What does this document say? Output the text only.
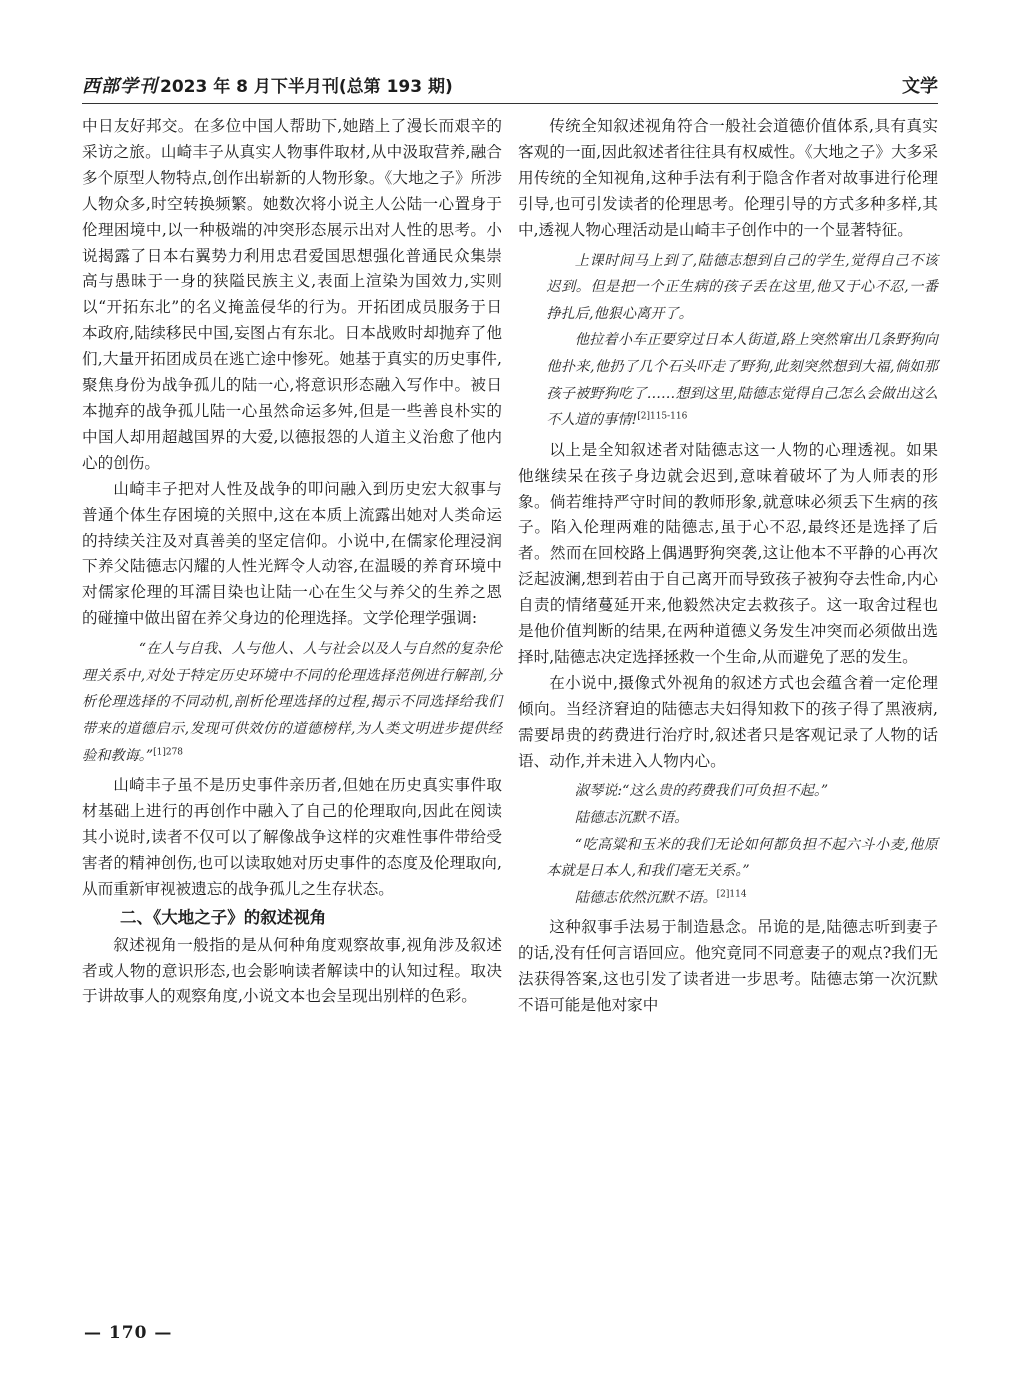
西部学刊 2023 年 8 月下半月刊(总第 193 期)	文学

中日友好邦交。在多位中国人帮助下,她踏上了漫长而艰辛的采访之旅。山崎丰子从真实人物事件取材,从中汲取营养,融合多个原型人物特点,创作出崭新的人物形象。《大地之子》所涉人物众多,时空转换频繁。她数次将小说主人公陆一心置身于伦理困境中,以一种极端的冲突形态展示出对人性的思考。小说揭露了日本右翼势力利用忠君爱国思想强化普通民众集崇高与愚昧于一身的狭隘民族主义,表面上渲染为国效力,实则以“开拓东北”的名义掩盖侵华的行为。开拓团成员服务于日本政府,陆续移民中国,妄图占有东北。日本战败时却抛弃了他们,大量开拓团成员在逃亡途中惨死。她基于真实的历史事件,聚焦身份为战争孤儿的陆一心,将意识形态融入写作中。被日本抛弃的战争孤儿陆一心虽然命运多舛,但是一些善良朴实的中国人却用超越国界的大爱,以德报怨的人道主义治愈了他内心的创伤。

山崎丰子把对人性及战争的叩问融入到历史宏大叙事与普通个体生存困境的关照中,这在本质上流露出她对人类命运的持续关注及对真善美的坚定信仰。小说中,在儒家伦理浸润下养父陆德志闪耀的人性光辉令人动容,在温暖的养育环境中对儒家伦理的耳濡目染也让陆一心在生父与养父的生养之恩的碰撞中做出留在养父身边的伦理选择。文学伦理学强调:

“在人与自我、人与他人、人与社会以及人与自然的复杂伦理关系中,对处于特定历史环境中不同的伦理选择范例进行解剖,分析伦理选择的不同动机,剖析伦理选择的过程,揭示不同选择给我们带来的道德启示,发现可供效仿的道德榜样,为人类文明进步提供经验和教诲。”$^{[1]278}$

山崎丰子虽不是历史事件亲历者,但她在历史真实事件取材基础上进行的再创作中融入了自己的伦理取向,因此在阅读其小说时,读者不仅可以了解像战争这样的灾难性事件带给受害者的精神创伤,也可以读取她对历史事件的态度及伦理取向,从而重新审视被遗忘的战争孤儿之生存状态。

二、《大地之子》的叙述视角

叙述视角一般指的是从何种角度观察故事,视角涉及叙述者或人物的意识形态,也会影响读者解读中的认知过程。取决于讲故事人的观察角度,小说文本也会呈现出别样的色彩。

传统全知叙述视角符合一般社会道德价值体系,具有真实客观的一面,因此叙述者往往具有权威性。《大地之子》大多采用传统的全知视角,这种手法有利于隐含作者对故事进行伦理引导,也可引发读者的伦理思考。伦理引导的方式多种多样,其中,透视人物心理活动是山崎丰子创作中的一个显著特征。

上课时间马上到了,陆德志想到自己的学生,觉得自己不该迟到。但是把一个正生病的孩子丢在这里,他又于心不忍,一番挣扎后,他狠心离开了。

他拉着小车正要穿过日本人街道,路上突然窜出几条野狗向他扑来,他扔了几个石头吓走了野狗,此刻突然想到大福,倘如那孩子被野狗吃了……想到这里,陆德志觉得自己怎么会做出这么不人道的事情!$^{[2]115-116}$

以上是全知叙述者对陆德志这一人物的心理透视。如果他继续呆在孩子身边就会迟到,意味着破坏了为人师表的形象。倘若维持严守时间的教师形象,就意味必须丢下生病的孩子。陷入伦理两难的陆德志,虽于心不忍,最终还是选择了后者。然而在回校路上偶遇野狗突袭,这让他本不平静的心再次泛起波澜,想到若由于自己离开而导致孩子被狗夺去性命,内心自责的情绪蔓延开来,他毅然决定去救孩子。这一取舍过程也是他价值判断的结果,在两种道德义务发生冲突而必须做出选择时,陆德志决定选择拯救一个生命,从而避免了恶的发生。

在小说中,摄像式外视角的叙述方式也会蕴含着一定伦理倾向。当经济窘迫的陆德志夫妇得知救下的孩子得了黑液病,需要昂贵的药费进行治疗时,叙述者只是客观记录了人物的话语、动作,并未进入人物内心。

淑琴说:“这么贵的药费我们可负担不起。”

陆德志沉默不语。

“吃高粱和玉米的我们无论如何都负担不起六斗小麦,他原本就是日本人,和我们毫无关系。”

陆德志依然沉默不语。$^{[2]114}$

这种叙事手法易于制造悬念。吊诡的是,陆德志听到妻子的话,没有任何言语回应。他究竟同不同意妻子的观点?我们无法获得答案,这也引发了读者进一步思考。陆德志第一次沉默不语可能是他对家中

— 170 —
